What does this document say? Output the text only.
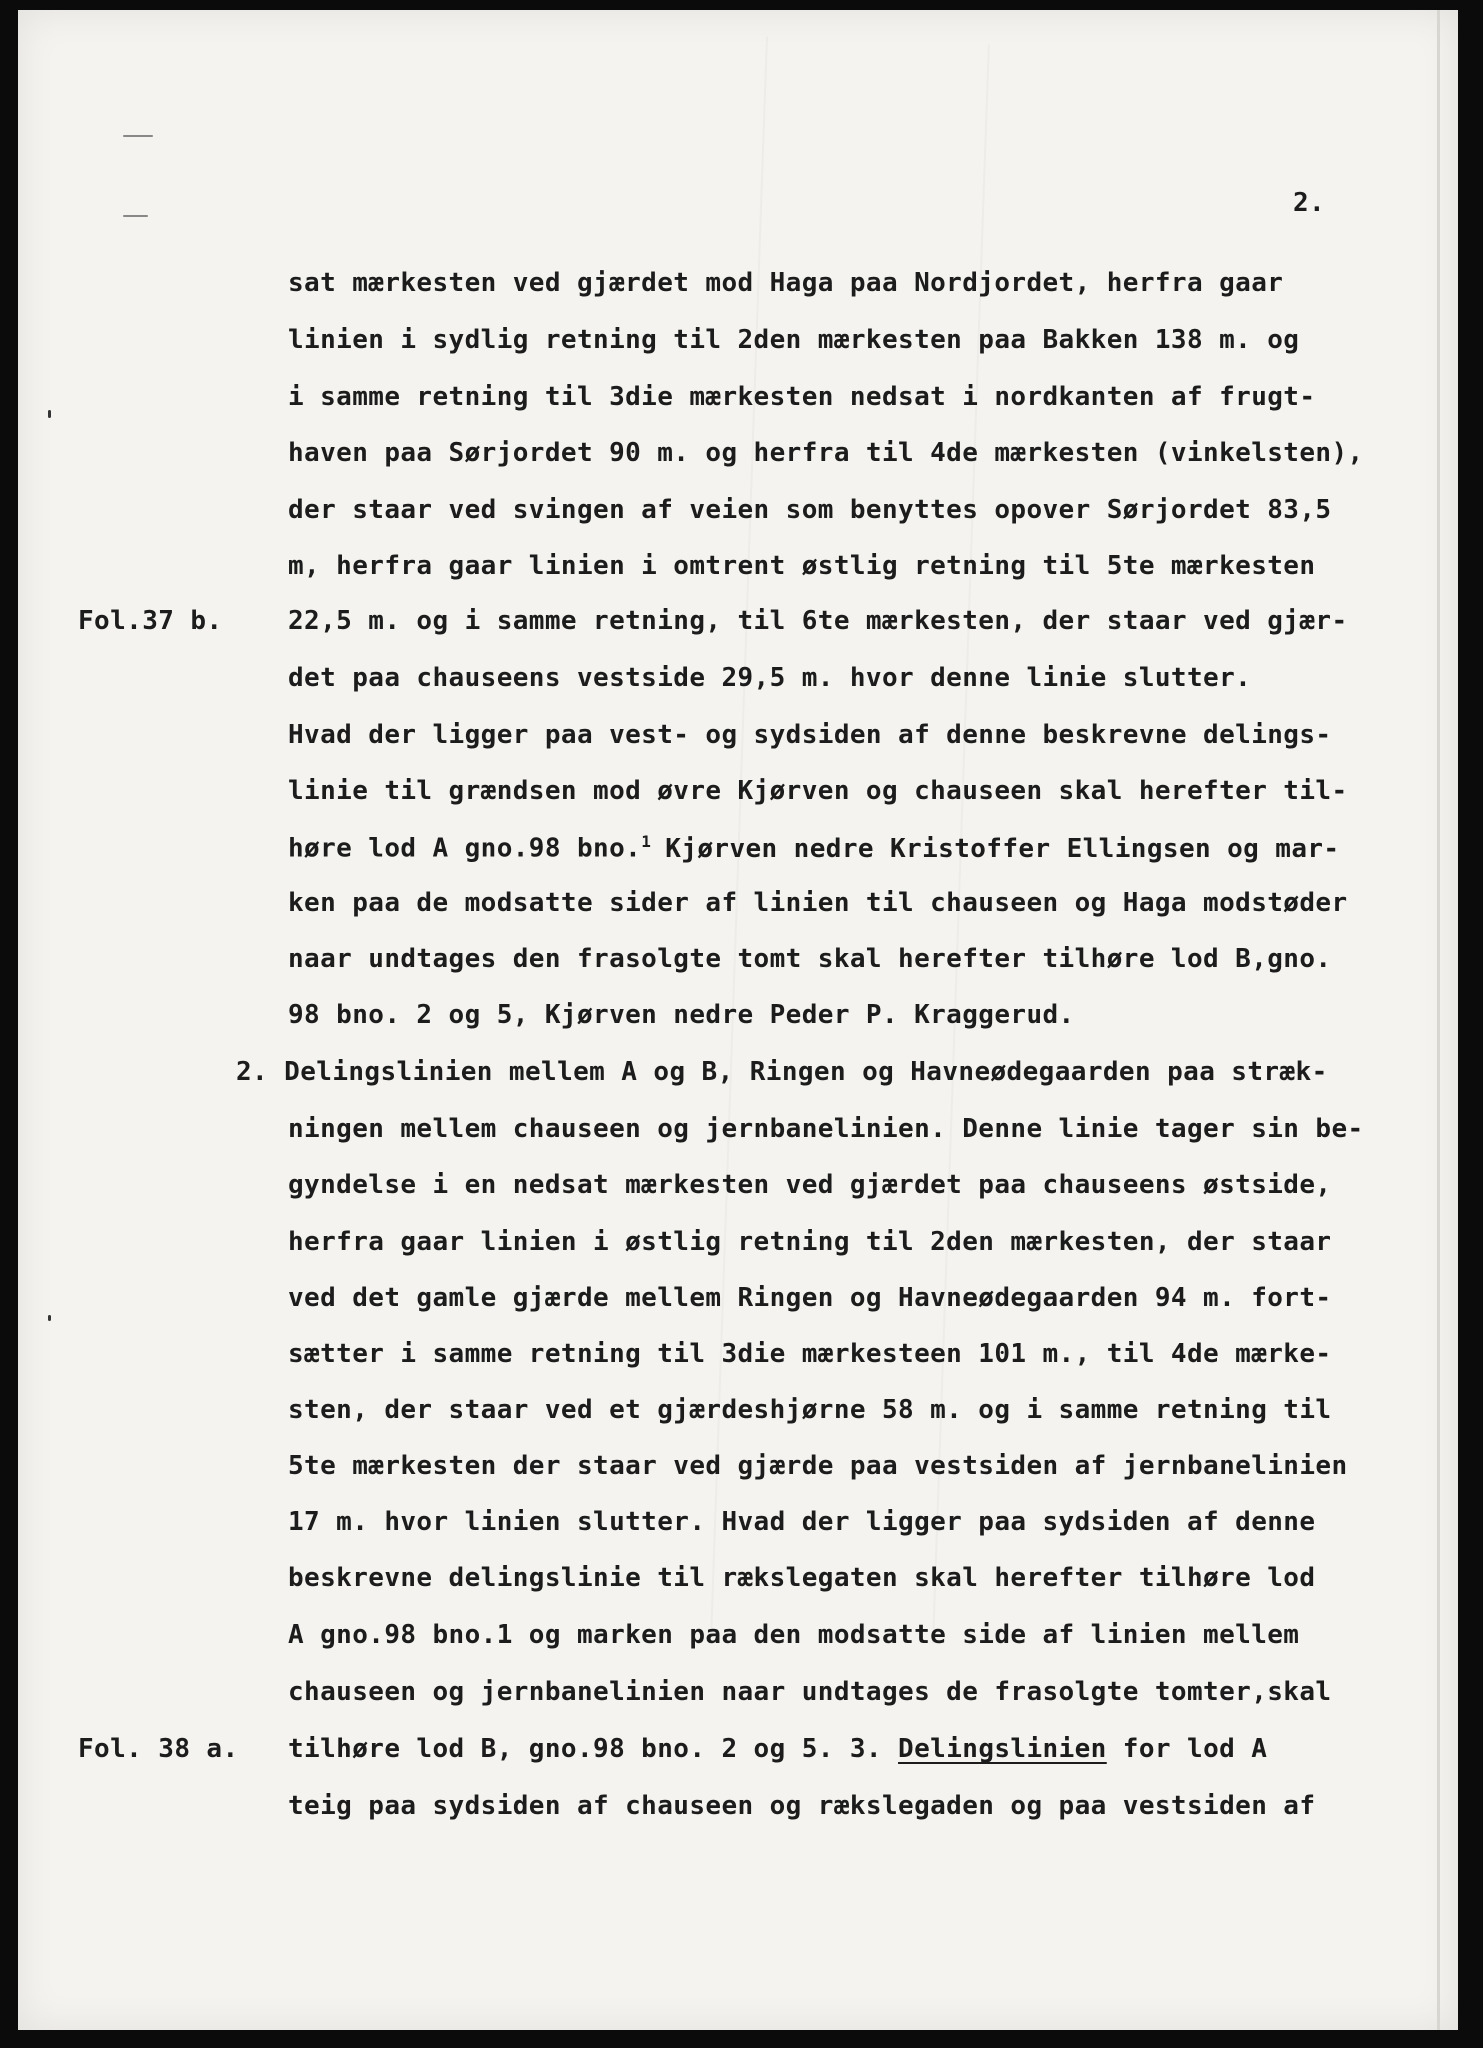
2.
Fol.37 b.
Fol. 38 a.
sat mærkesten ved gjærdet mod Haga paa Nordjordet, herfra gaar
linien i sydlig retning til 2den mærkesten paa Bakken 138 m. og
i samme retning til 3die mærkesten nedsat i nordkanten af frugt-
haven paa Sørjordet 90 m. og herfra til 4de mærkesten (vinkelsten),
der staar ved svingen af veien som benyttes opover Sørjordet 83,5
m, herfra gaar linien i omtrent østlig retning til 5te mærkesten
22,5 m. og i samme retning, til 6te mærkesten, der staar ved gjær-
det paa chauseens vestside 29,5 m. hvor denne linie slutter.
Hvad der ligger paa vest- og sydsiden af denne beskrevne delings-
linie til grændsen mod øvre Kjørven og chauseen skal herefter til-
høre lod A gno.98 bno.$^1$ Kjørven nedre Kristoffer Ellingsen og mar-
ken paa de modsatte sider af linien til chauseen og Haga modstøder
naar undtages den frasolgte tomt skal herefter tilhøre lod B,gno.
98 bno. 2 og 5, Kjørven nedre Peder P. Kraggerud.
2. Delingslinien mellem A og B, Ringen og Havneødegaarden paa stræk-
ningen mellem chauseen og jernbanelinien. Denne linie tager sin be-
gyndelse i en nedsat mærkesten ved gjærdet paa chauseens østside,
herfra gaar linien i østlig retning til 2den mærkesten, der staar
ved det gamle gjærde mellem Ringen og Havneødegaarden 94 m. fort-
sætter i samme retning til 3die mærkesteen 101 m., til 4de mærke-
sten, der staar ved et gjærdeshjørne 58 m. og i samme retning til
5te mærkesten der staar ved gjærde paa vestsiden af jernbanelinien
17 m. hvor linien slutter. Hvad der ligger paa sydsiden af denne
beskrevne delingslinie til rækslegaten skal herefter tilhøre lod
A gno.98 bno.1 og marken paa den modsatte side af linien mellem
chauseen og jernbanelinien naar undtages de frasolgte tomter,skal
tilhøre lod B, gno.98 bno. 2 og 5. 3. Delingslinien for lod A
teig paa sydsiden af chauseen og rækslegaden og paa vestsiden af
